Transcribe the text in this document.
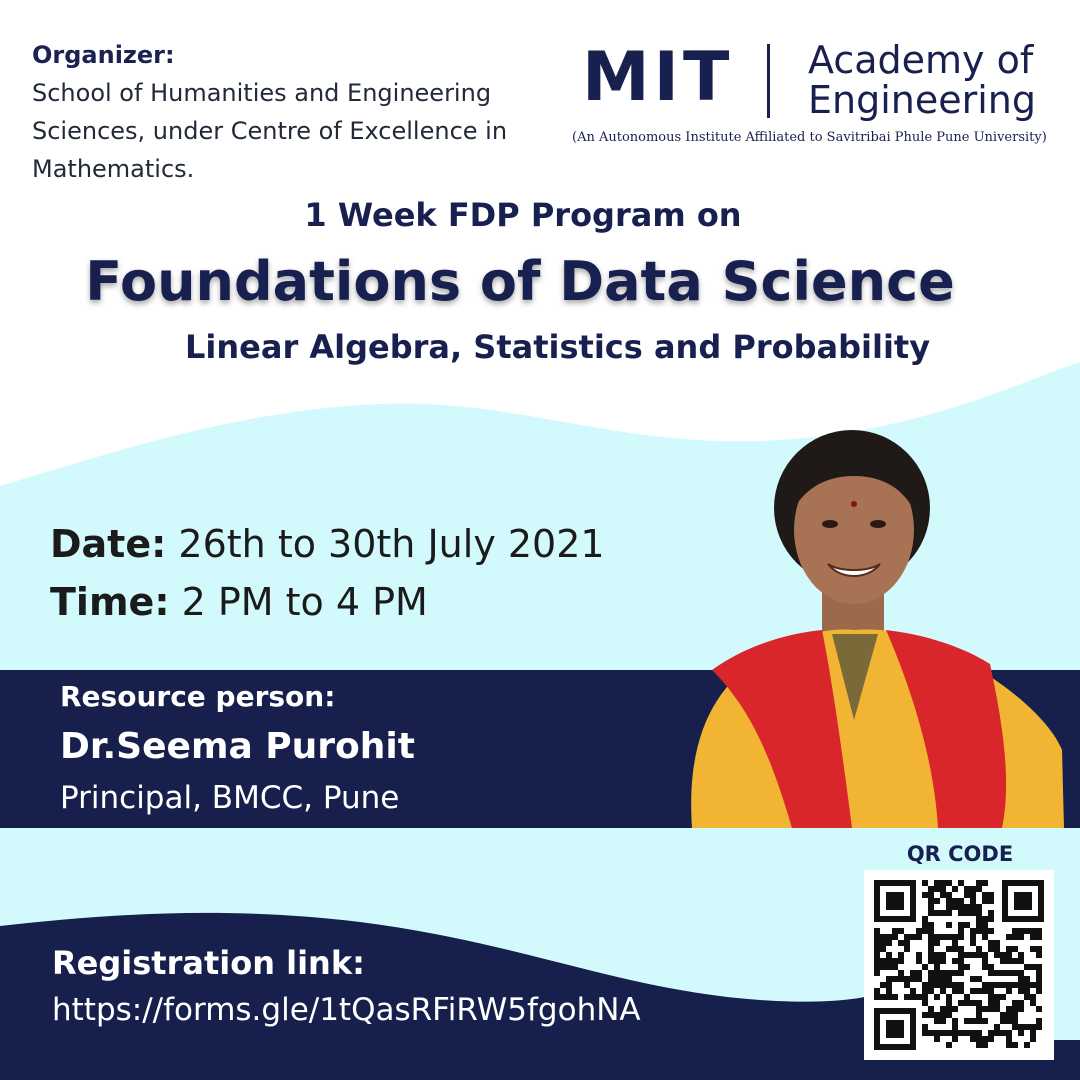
Organizer:
School of Humanities and Engineering
Sciences, under Centre of Excellence in
Mathematics.
MIT Academy of
Engineering
(An Autonomous Institute Affiliated to Savitribai Phule Pune University)
1 Week FDP Program on
Foundations of Data Science
Linear Algebra, Statistics and Probability
Date: 26th to 30th July 2021
Time: 2 PM to 4 PM
Resource person:
Dr.Seema Purohit
Principal, BMCC, Pune
QR CODE
Registration link:
https://forms.gle/1tQasRFiRW5fgohNA
